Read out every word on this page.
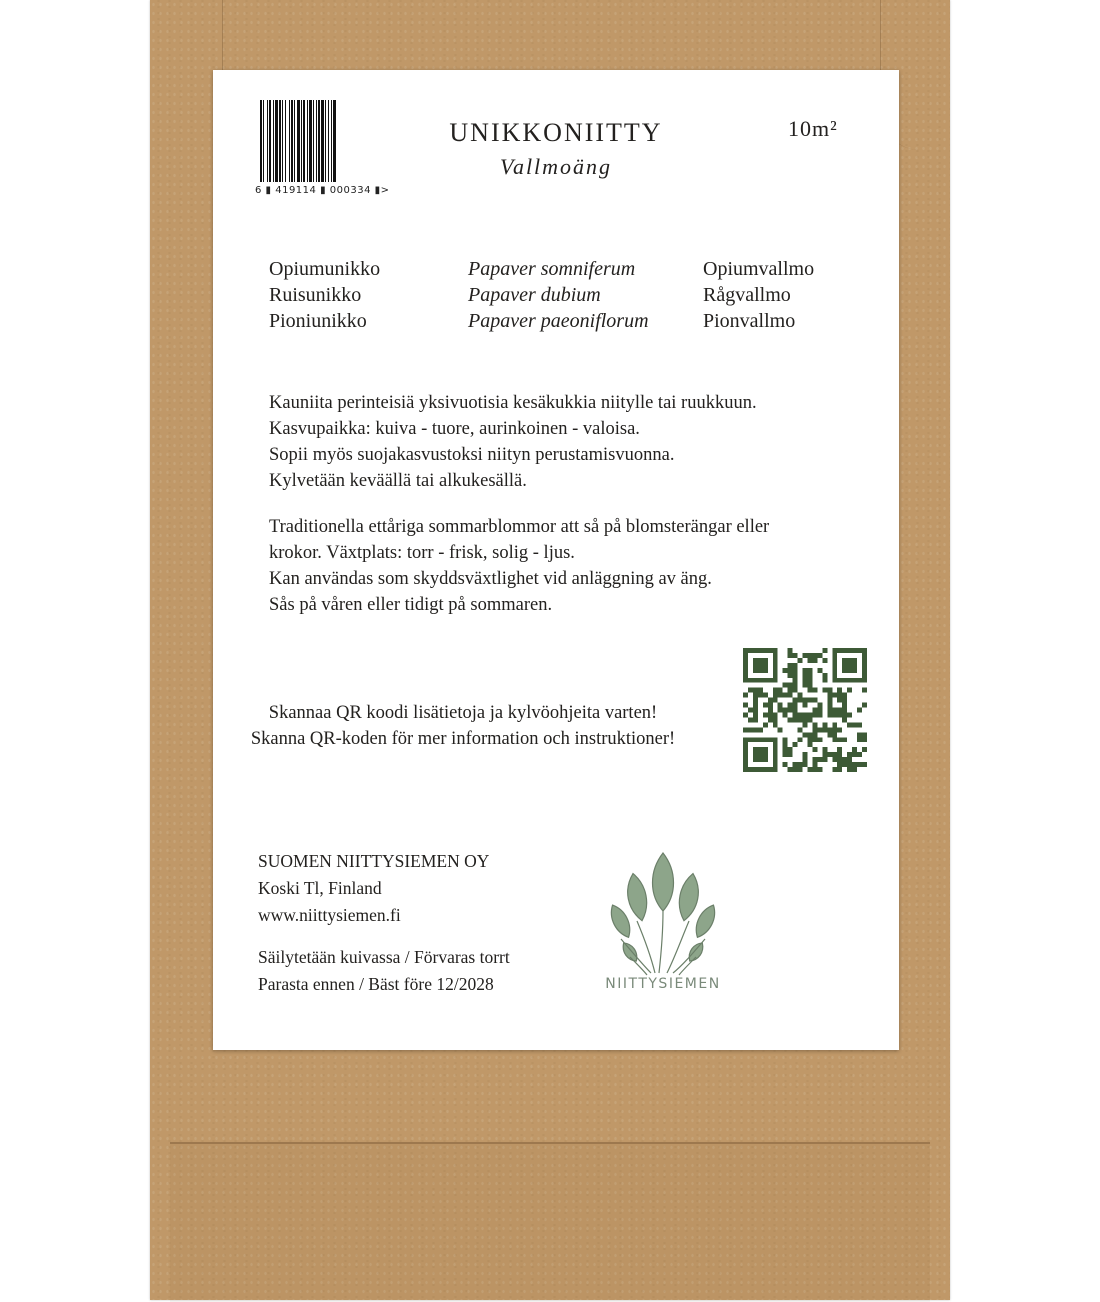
6 ▮ 419114 ▮ 000334 ▮>
UNIKKONIITTY
Vallmoäng
10m²
Opiumunikko
Ruisunikko
Pioniunikko
Papaver somniferum
Papaver dubium
Papaver paeoniflorum
Opiumvallmo
Rågvallmo
Pionvallmo
Kauniita perinteisiä yksivuotisia kesäkukkia niitylle tai ruukkuun.
Kasvupaikka: kuiva - tuore, aurinkoinen - valoisa.
Sopii myös suojakasvustoksi niityn perustamisvuonna.
Kylvetään keväällä tai alkukesällä.
Traditionella ettåriga sommarblommor att så på blomsterängar eller
krokor. Växtplats: torr - frisk, solig - ljus.
Kan användas som skyddsväxtlighet vid anläggning av äng.
Sås på våren eller tidigt på sommaren.
Skannaa QR koodi lisätietoja ja kylvöohjeita varten!
Skanna QR-koden för mer information och instruktioner!
SUOMEN NIITTYSIEMEN OY
Koski Tl, Finland
www.niittysiemen.fi
Säilytetään kuivassa / Förvaras torrt
Parasta ennen / Bäst före 12/2028	NIITTYSIEMEN
